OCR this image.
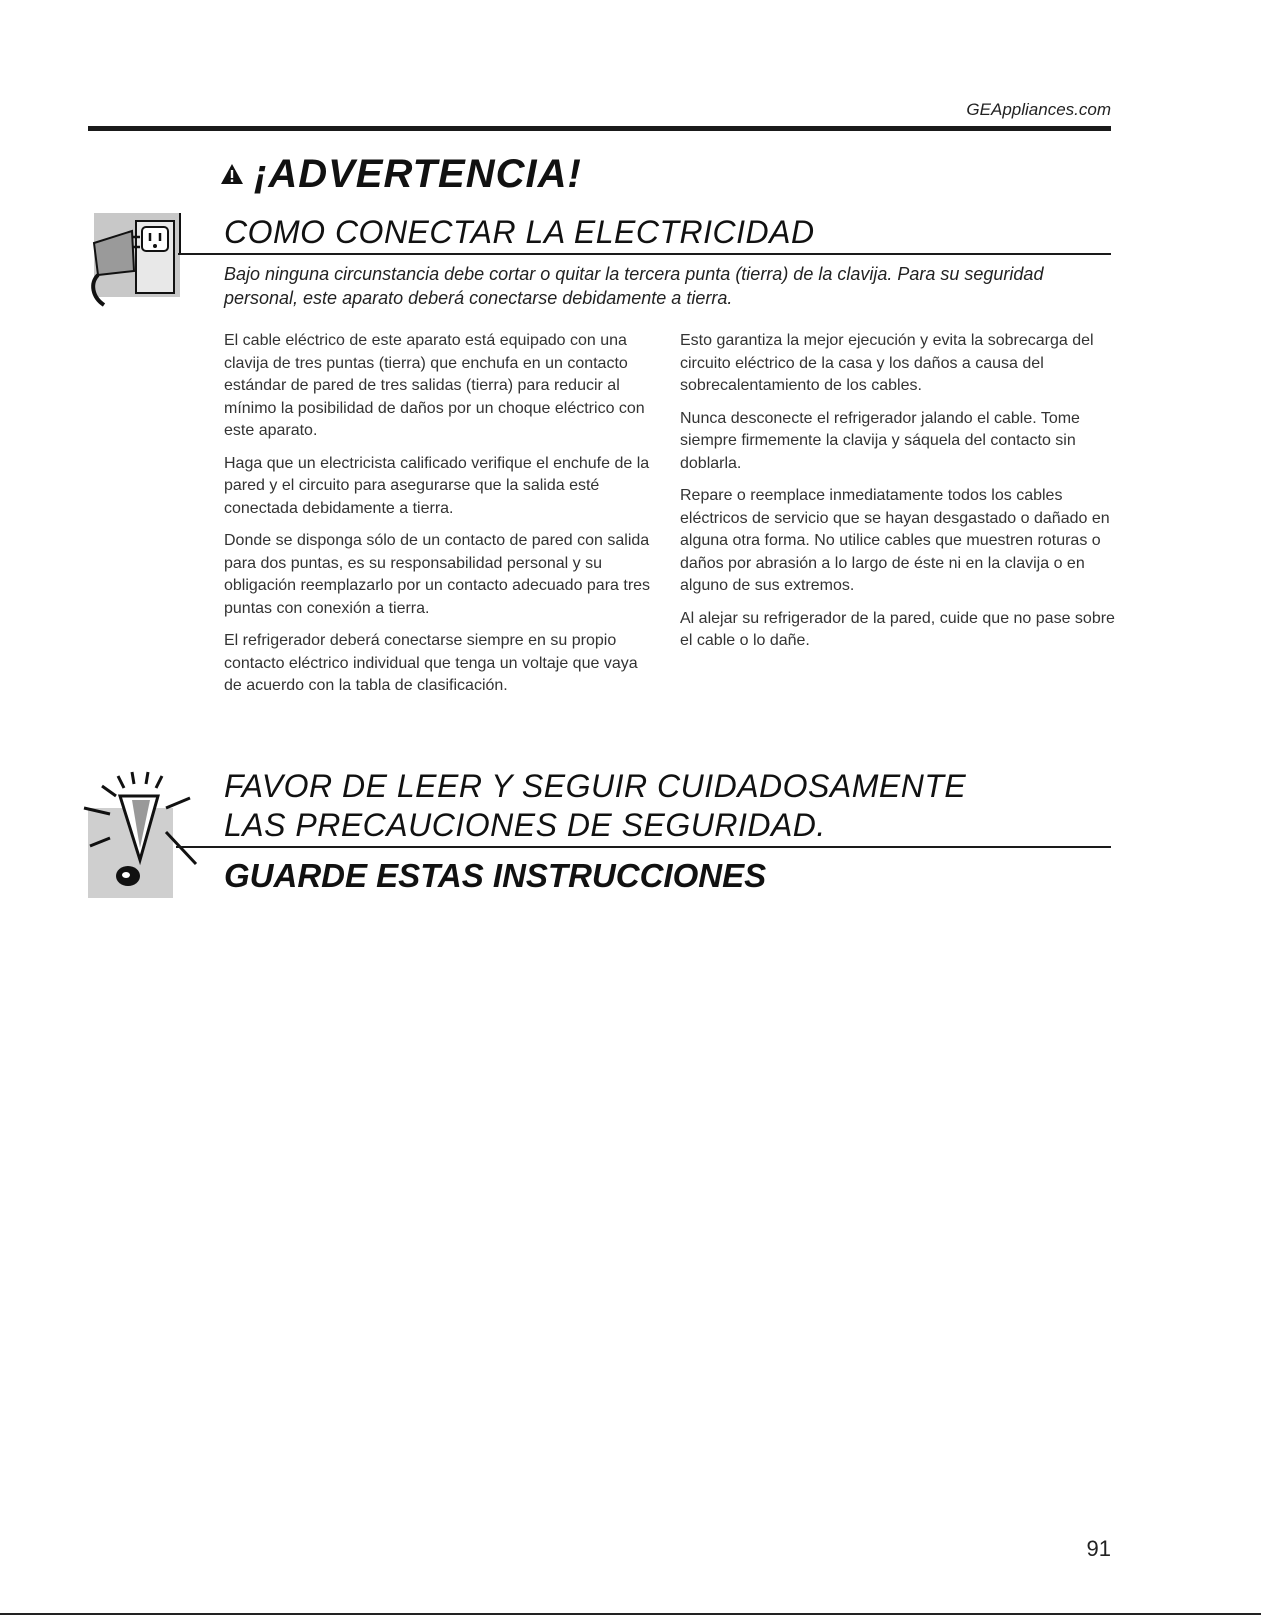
GEAppliances.com
¡ADVERTENCIA!
COMO CONECTAR LA ELECTRICIDAD

Bajo ninguna circunstancia debe cortar o quitar la tercera punta (tierra) de la clavija. Para su seguridad personal, este aparato deberá conectarse debidamente a tierra.

El cable eléctrico de este aparato está equipado con una clavija de tres puntas (tierra) que enchufa en un contacto estándar de pared de tres salidas (tierra) para reducir al mínimo la posibilidad de daños por un choque eléctrico con este aparato.

Haga que un electricista calificado verifique el enchufe de la pared y el circuito para asegurarse que la salida esté conectada debidamente a tierra.

Donde se disponga sólo de un contacto de pared con salida para dos puntas, es su responsabilidad personal y su obligación reemplazarlo por un contacto adecuado para tres puntas con conexión a tierra.

El refrigerador deberá conectarse siempre en su propio contacto eléctrico individual que tenga un voltaje que vaya de acuerdo con la tabla de clasificación.

Esto garantiza la mejor ejecución y evita la sobrecarga del circuito eléctrico de la casa y los daños a causa del sobrecalentamiento de los cables.

Nunca desconecte el refrigerador jalando el cable. Tome siempre firmemente la clavija y sáquela del contacto sin doblarla.

Repare o reemplace inmediatamente todos los cables eléctricos de servicio que se hayan desgastado o dañado en alguna otra forma. No utilice cables que muestren roturas o daños por abrasión a lo largo de éste ni en la clavija o en alguno de sus extremos.

Al alejar su refrigerador de la pared, cuide que no pase sobre el cable o lo dañe.

FAVOR DE LEER Y SEGUIR CUIDADOSAMENTE
LAS PRECAUCIONES DE SEGURIDAD.
GUARDE ESTAS INSTRUCCIONES
91
